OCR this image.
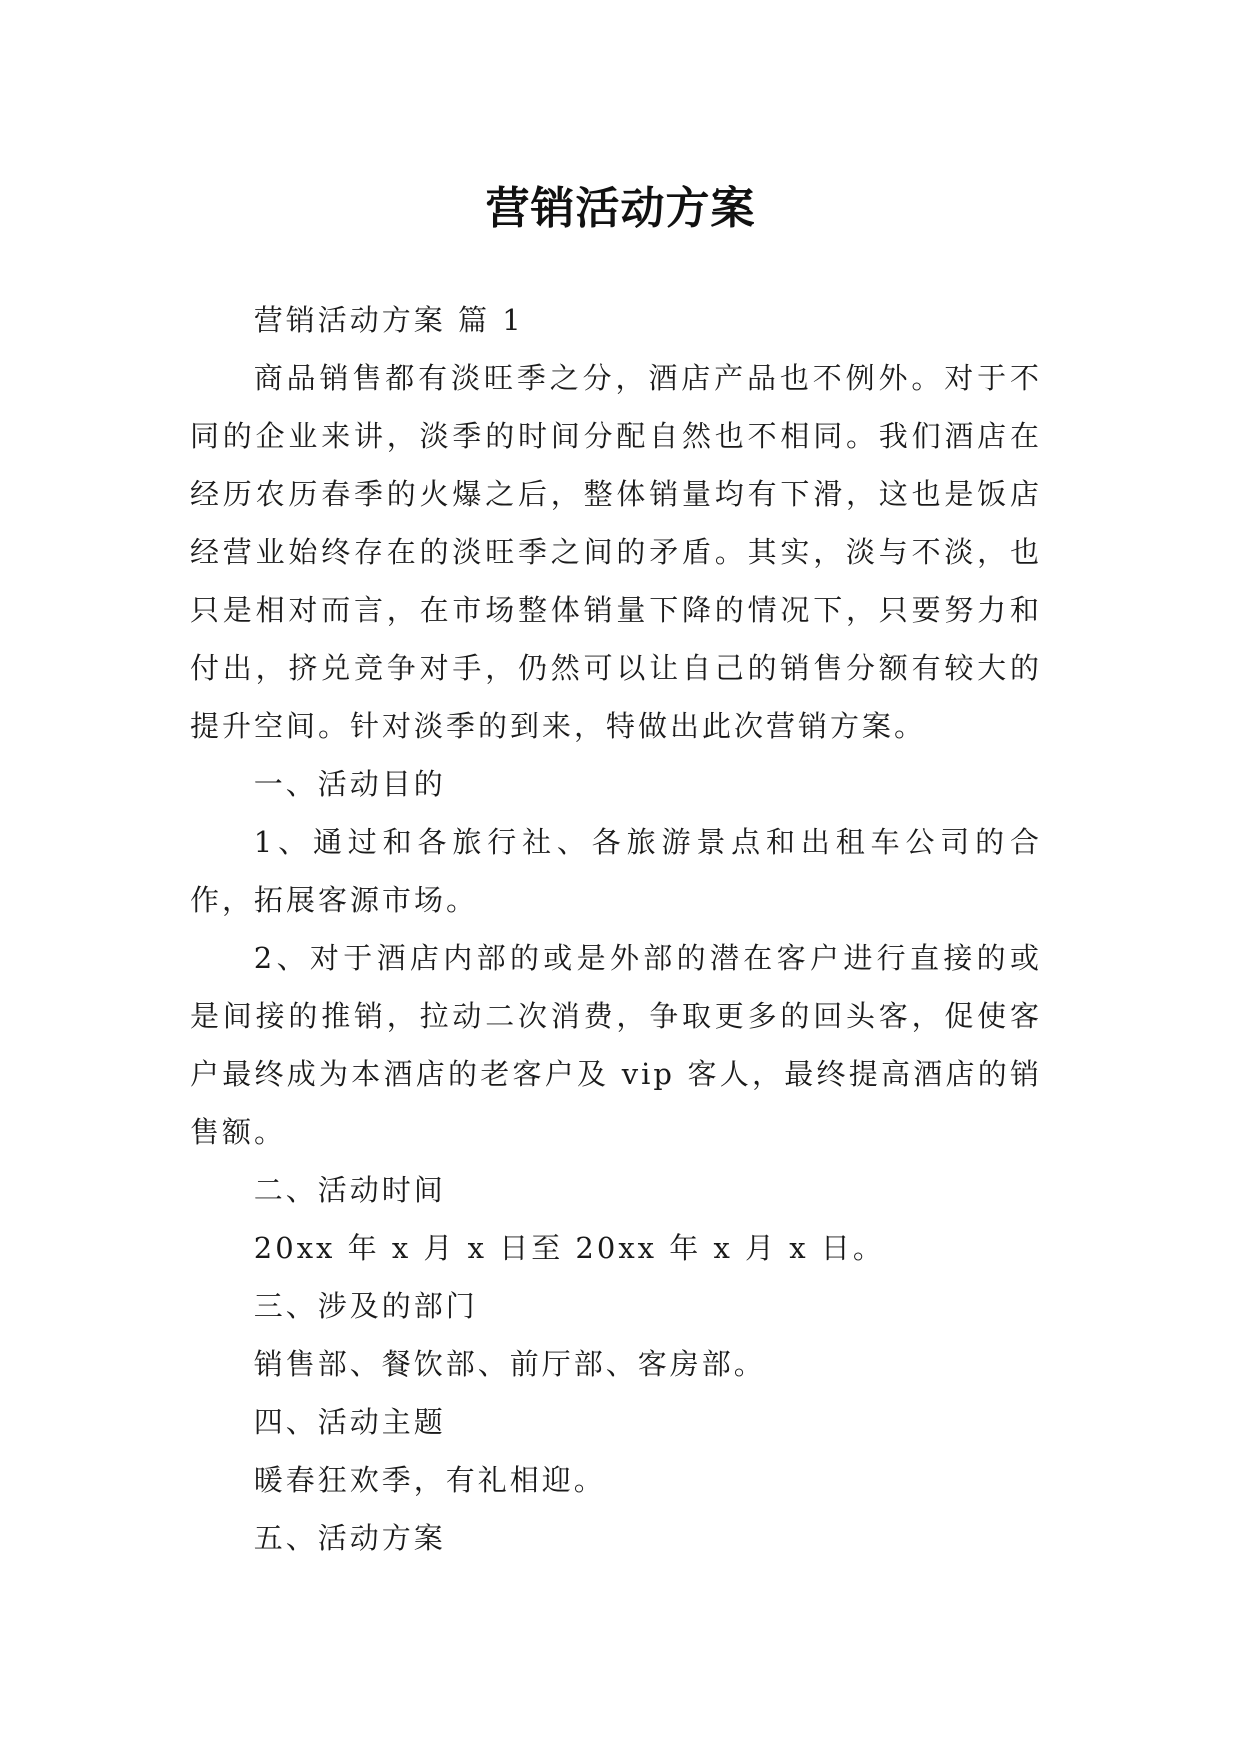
营销活动方案

营销活动方案 篇 1

商品销售都有淡旺季之分，酒店产品也不例外。对于不同的企业来讲，淡季的时间分配自然也不相同。我们酒店在经历农历春季的火爆之后，整体销量均有下滑，这也是饭店经营业始终存在的淡旺季之间的矛盾。其实，淡与不淡，也只是相对而言，在市场整体销量下降的情况下，只要努力和付出，挤兑竞争对手，仍然可以让自己的销售分额有较大的提升空间。针对淡季的到来，特做出此次营销方案。

一、活动目的

1、通过和各旅行社、各旅游景点和出租车公司的合作，拓展客源市场。

2、对于酒店内部的或是外部的潜在客户进行直接的或是间接的推销，拉动二次消费，争取更多的回头客，促使客户最终成为本酒店的老客户及 vip 客人，最终提高酒店的销售额。

二、活动时间

20xx 年 x 月 x 日至 20xx 年 x 月 x 日。

三、涉及的部门

销售部、餐饮部、前厅部、客房部。

四、活动主题

暖春狂欢季，有礼相迎。

五、活动方案
